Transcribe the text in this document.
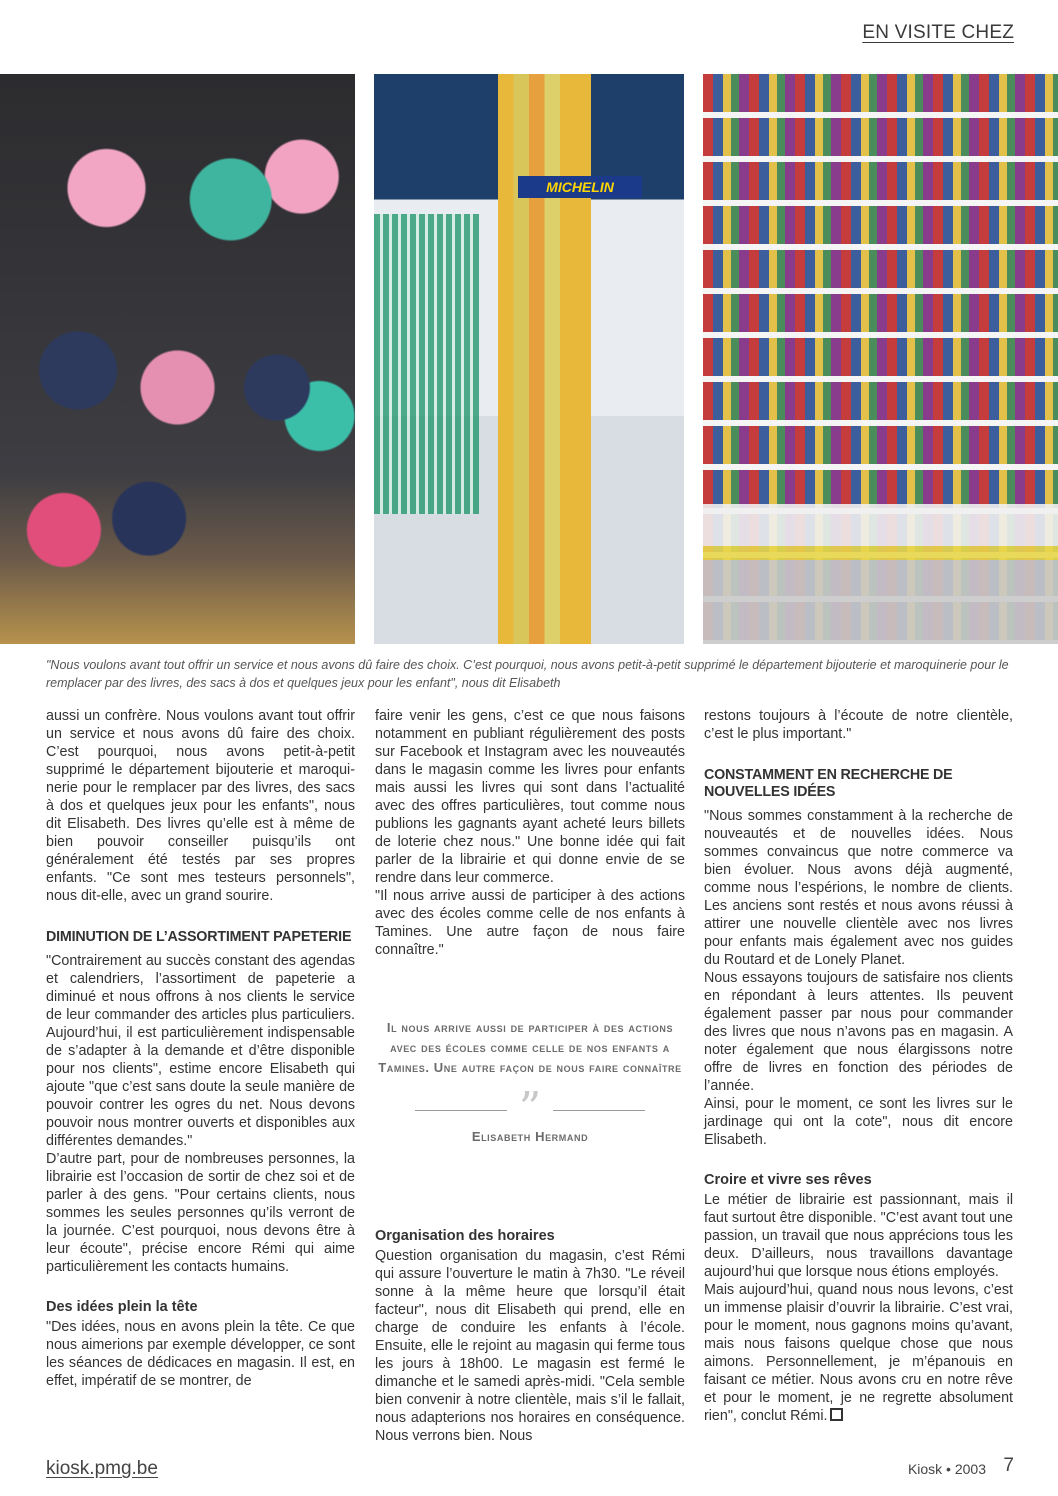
EN VISITE CHEZ
MICHELIN
"Nous voulons avant tout offrir un service et nous avons dû faire des choix. C’est pourquoi, nous avons petit-à-petit supprimé le département bijouterie et maroquinerie pour le remplacer par des livres, des sacs à dos et quelques jeux pour les enfant", nous dit Elisabeth

aussi un confrère. Nous voulons avant tout offrir un service et nous avons dû faire des choix. C’est pourquoi, nous avons petit-à-petit supprimé le département bijouterie et maroquinerie pour le remplacer par des livres, des sacs à dos et quelques jeux pour les enfants", nous dit Elisabeth. Des livres qu’elle est à même de bien pouvoir conseiller puisqu’ils ont généralement été testés par ses propres enfants. "Ce sont mes testeurs personnels", nous dit-elle, avec un grand sourire.

DIMINUTION DE L’ASSORTIMENT PAPETERIE

"Contrairement au succès constant des agendas et calendriers, l’assortiment de papeterie a diminué et nous offrons à nos clients le service de leur commander des articles plus particuliers. Aujourd’hui, il est particulièrement indispensable de s’adapter à la demande et d’être disponible pour nos clients", estime encore Elisabeth qui ajoute "que c’est sans doute la seule manière de pouvoir contrer les ogres du net. Nous devons pouvoir nous montrer ouverts et disponibles aux différentes demandes."

D’autre part, pour de nombreuses personnes, la librairie est l’occasion de sortir de chez soi et de parler à des gens. "Pour certains clients, nous sommes les seules personnes qu’ils verront de la journée. C’est pourquoi, nous devons être à leur écoute", précise encore Rémi qui aime particulièrement les contacts humains.

Des idées plein la tête

"Des idées, nous en avons plein la tête. Ce que nous aimerions par exemple développer, ce sont les séances de dédicaces en magasin. Il est, en effet, impératif de se montrer, de

faire venir les gens, c’est ce que nous faisons notamment en publiant régulièrement des posts sur Facebook et Instagram avec les nouveautés dans le magasin comme les livres pour enfants mais aussi les livres qui sont dans l’actualité avec des offres particulières, tout comme nous publions les gagnants ayant acheté leurs billets de loterie chez nous." Une bonne idée qui fait parler de la librairie et qui donne envie de se rendre dans leur commerce.

"Il nous arrive aussi de participer à des actions avec des écoles comme celle de nos enfants à Tamines. Une autre façon de nous faire connaître."

Il nous arrive aussi de participer à des actions avec des écoles comme celle de nos enfants a Tamines. Une autre façon de nous faire connaître
”
Elisabeth Hermand
Organisation des horaires

Question organisation du magasin, c’est Rémi qui assure l’ouverture le matin à 7h30. "Le réveil sonne à la même heure que lorsqu’il était facteur", nous dit Elisabeth qui prend, elle en charge de conduire les enfants à l’école. Ensuite, elle le rejoint au magasin qui ferme tous les jours à 18h00. Le magasin est fermé le dimanche et le samedi après-midi. "Cela semble bien convenir à notre clientèle, mais s’il le fallait, nous adapterions nos horaires en conséquence. Nous verrons bien. Nous

restons toujours à l’écoute de notre clientèle, c’est le plus important."

CONSTAMMENT EN RECHERCHE DE NOUVELLES IDÉES

"Nous sommes constamment à la recherche de nouveautés et de nouvelles idées. Nous sommes convaincus que notre commerce va bien évoluer. Nous avons déjà augmenté, comme nous l’espérions, le nombre de clients. Les anciens sont restés et nous avons réussi à attirer une nouvelle clientèle avec nos livres pour enfants mais également avec nos guides du Routard et de Lonely Planet.

Nous essayons toujours de satisfaire nos clients en répondant à leurs attentes. Ils peuvent également passer par nous pour commander des livres que nous n’avons pas en magasin. A noter également que nous élargissons notre offre de livres en fonction des périodes de l’année.

Ainsi, pour le moment, ce sont les livres sur le jardinage qui ont la cote", nous dit encore Elisabeth.

Croire et vivre ses rêves

Le métier de librairie est passionnant, mais il faut surtout être disponible. "C’est avant tout une passion, un travail que nous apprécions tous les deux. D’ailleurs, nous travaillons davantage aujourd’hui que lorsque nous étions employés.

Mais aujourd’hui, quand nous nous levons, c’est un immense plaisir d’ouvrir la librairie. C’est vrai, pour le moment, nous gagnons moins qu’avant, mais nous faisons quelque chose que nous aimons. Personnellement, je m’épanouis en faisant ce métier. Nous avons cru en notre rêve et pour le moment, je ne regrette absolument rien", conclut Rémi.

kiosk.pmg.be	Kiosk • 2003 7
